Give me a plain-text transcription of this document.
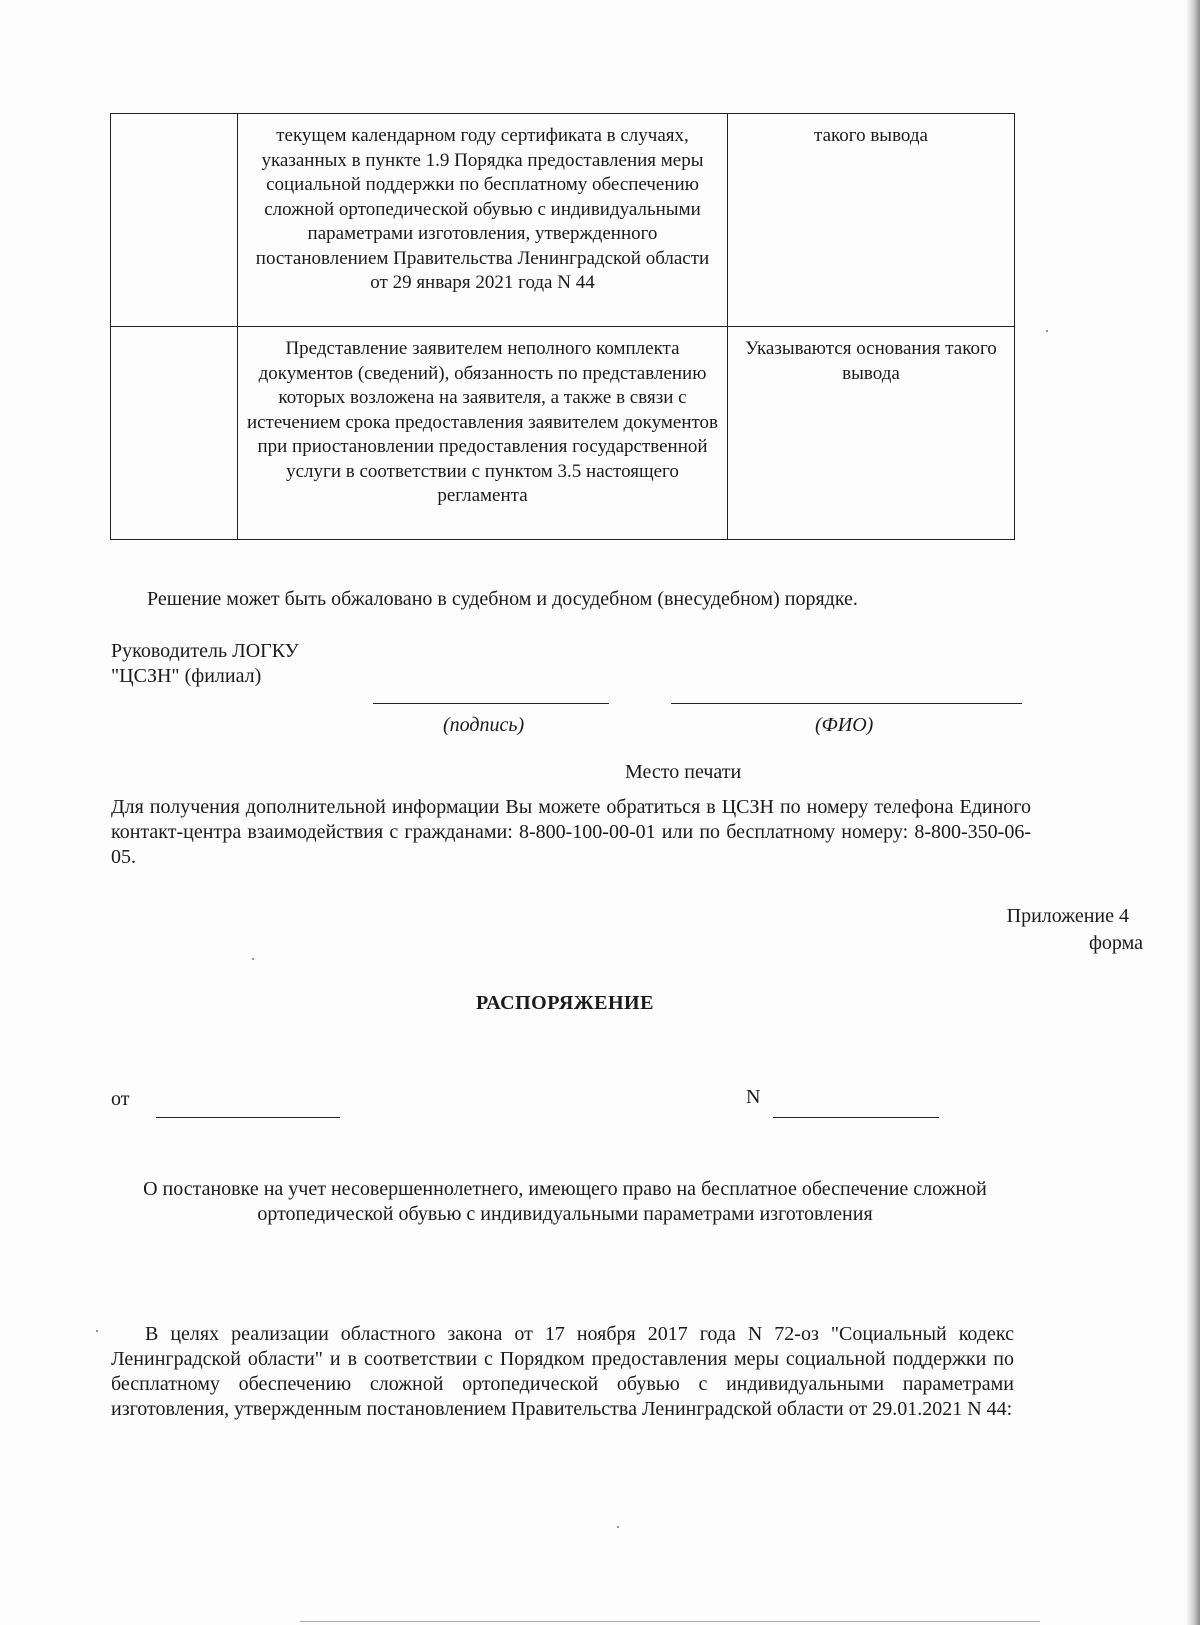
	текущем календарном году сертификата в случаях, указанных в пункте 1.9 Порядка предоставления меры социальной поддержки по бесплатному обеспечению сложной ортопедической обувью с индивидуальными параметрами изготовления, утвержденного постановлением Правительства Ленинградской области от 29 января 2021 года N 44	такого вывода
	Представление заявителем неполного комплекта документов (сведений), обязанность по представлению которых возложена на заявителя, а также в связи с истечением срока предоставления заявителем документов при приостановлении предоставления государственной услуги в соответствии с пунктом 3.5 настоящего регламента	Указываются основания такого вывода

Решение может быть обжаловано в судебном и досудебном (внесудебном) порядке.

Руководитель ЛОГКУ

"ЦСЗН" (филиал)

(подпись)	(ФИО)

Место печати

Для получения дополнительной информации Вы можете обратиться в ЦСЗН по номеру телефона Единого контакт-центра взаимодействия с гражданами: 8-800-100-00-01 или по бесплатному номеру: 8-800-350-06-05.

Приложение 4

форма

РАСПОРЯЖЕНИЕ

от	N

О постановке на учет несовершеннолетнего, имеющего право на бесплатное обеспечение сложной ортопедической обувью с индивидуальными параметрами изготовления

В целях реализации областного закона от 17 ноября 2017 года N 72-оз "Социальный кодекс Ленинградской области" и в соответствии с Порядком предоставления меры социальной поддержки по бесплатному обеспечению сложной ортопедической обувью с индивидуальными параметрами изготовления, утвержденным постановлением Правительства Ленинградской области от 29.01.2021 N 44:
